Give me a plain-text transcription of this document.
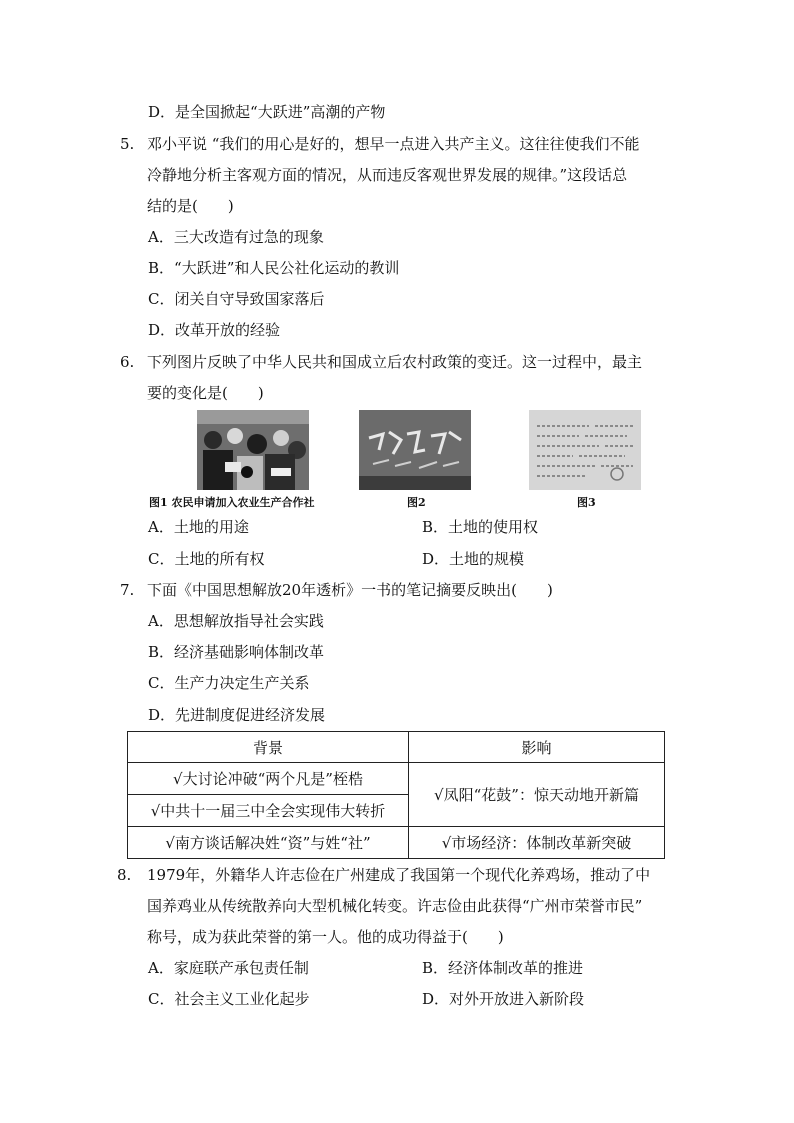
D．是全国掀起“大跃进”高潮的产物
5. 邓小平说 “我们的用心是好的，想早一点进入共产主义。这往往使我们不能
冷静地分析主客观方面的情况，从而违反客观世界发展的规律。”这段话总
结的是(　　)
A．三大改造有过急的现象
B．“大跃进”和人民公社化运动的教训
C．闭关自守导致国家落后
D．改革开放的经验
6. 下列图片反映了中华人民共和国成立后农村政策的变迁。这一过程中，最主
要的变化是(　　)
图1 农民申请加入农业生产合作社	图2	图3
A．土地的用途	B．土地的使用权
C．土地的所有权	D．土地的规模
7. 下面《中国思想解放20年透析》一书的笔记摘要反映出(　　)
A．思想解放指导社会实践
B．经济基础影响体制改革
C．生产力决定生产关系
D．先进制度促进经济发展
背景	影响
√大讨论冲破“两个凡是”桎梏	√凤阳“花鼓”：惊天动地开新篇
√中共十一届三中全会实现伟大转折	
√南方谈话解决姓“资”与姓“社”	√市场经济：体制改革新突破
8. 1979年，外籍华人许志俭在广州建成了我国第一个现代化养鸡场，推动了中
国养鸡业从传统散养向大型机械化转变。许志俭由此获得“广州市荣誉市民”
称号，成为获此荣誉的第一人。他的成功得益于(　　)
A．家庭联产承包责任制	B．经济体制改革的推进
C．社会主义工业化起步	D．对外开放进入新阶段
